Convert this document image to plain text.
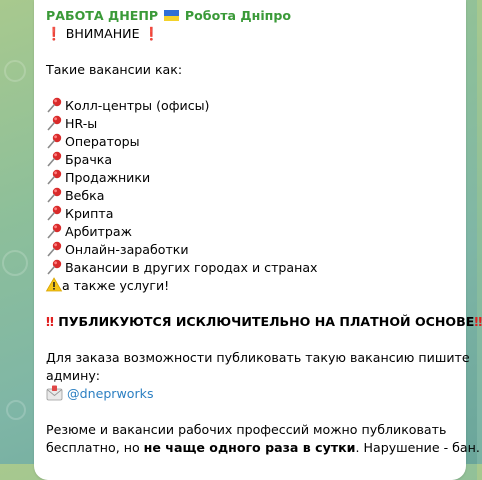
РАБОТА ДНЕПР Робота Дніпро
❗ ВНИМАНИЕ ❗
Такие вакансии как:
Колл-центры (офисы)
HR-ы
Операторы
Брачка
Продажники
Вебка
Крипта
Арбитраж
Онлайн-заработки
Вакансии в других городах и странах
а также услуги!
‼ ПУБЛИКУЮТСЯ ИСКЛЮЧИТЕЛЬНО НА ПЛАТНОЙ ОСНОВЕ‼
Для заказа возможности публиковать такую вакансию пишите
админу:
@dneprworks
Резюме и вакансии рабочих профессий можно публиковать
бесплатно, но не чаще одного раза в сутки. Нарушение - бан.
